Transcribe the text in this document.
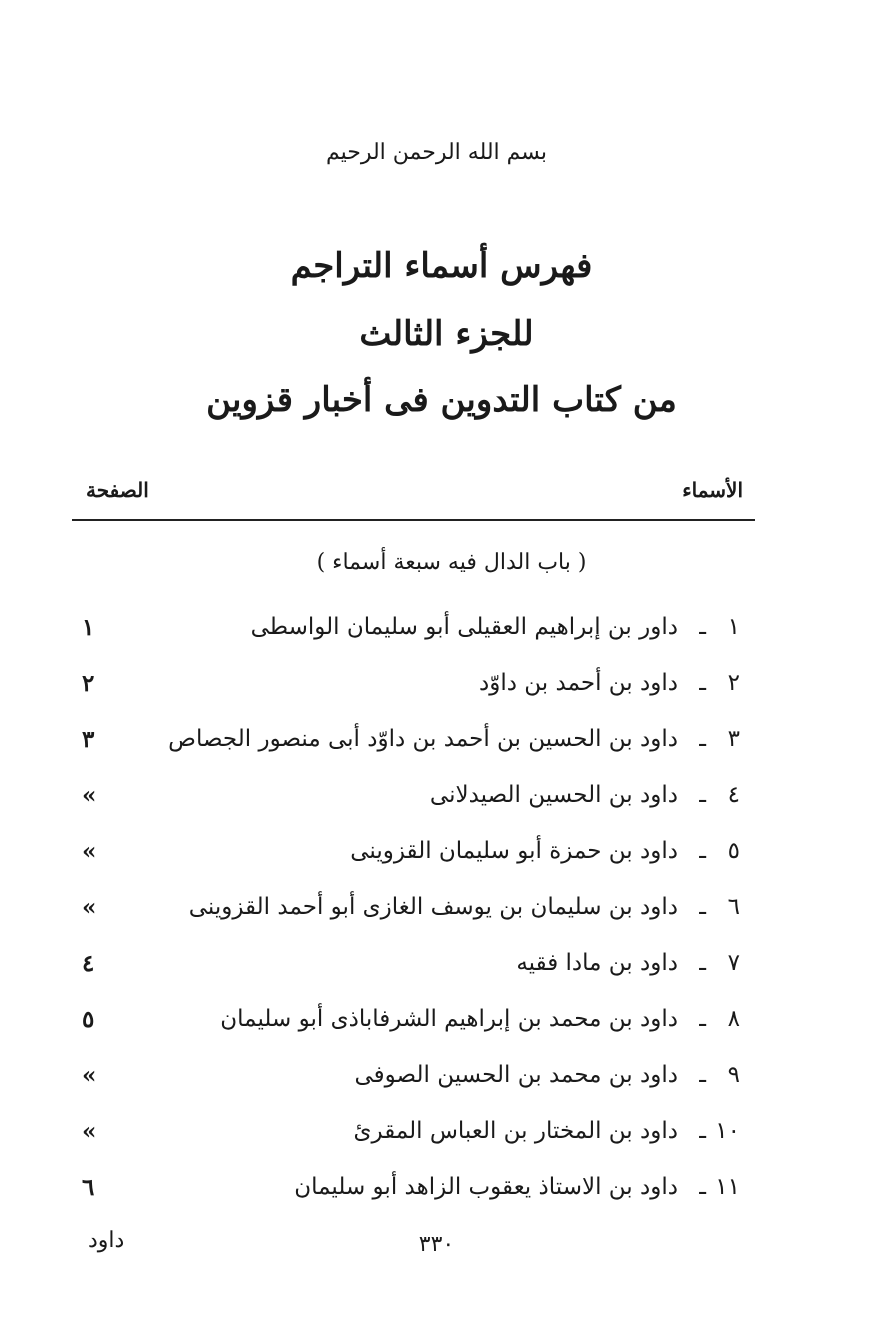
بسم الله الرحمن الرحيم
فهرس أسماء التراجم
للجزء الثالث
من كتاب التدوين فى أخبار قزوين
الأسماء
الصفحة
( باب الدال فيه سبعة أسماء )
١
ـ
داور بن إبراهيم العقيلى أبو سليمان الواسطى
١
٢
ـ
داود بن أحمد بن داوّد
٢
٣
ـ
داود بن الحسين بن أحمد بن داوّد أبى منصور الجصاص
٣
٤
ـ
داود بن الحسين الصيدلانى
»
٥
ـ
داود بن حمزة أبو سليمان القزوينى
»
٦
ـ
داود بن سليمان بن يوسف الغازى أبو أحمد القزوينى
»
٧
ـ
داود بن مادا فقيه
٤
٨
ـ
داود بن محمد بن إبراهيم الشرفاباذى أبو سليمان
٥
٩
ـ
داود بن محمد بن الحسين الصوفى
»
١٠
ـ
داود بن المختار بن العباس المقرئ
»
١١
ـ
داود بن الاستاذ يعقوب الزاهد أبو سليمان
٦
٣٣٠
داود
